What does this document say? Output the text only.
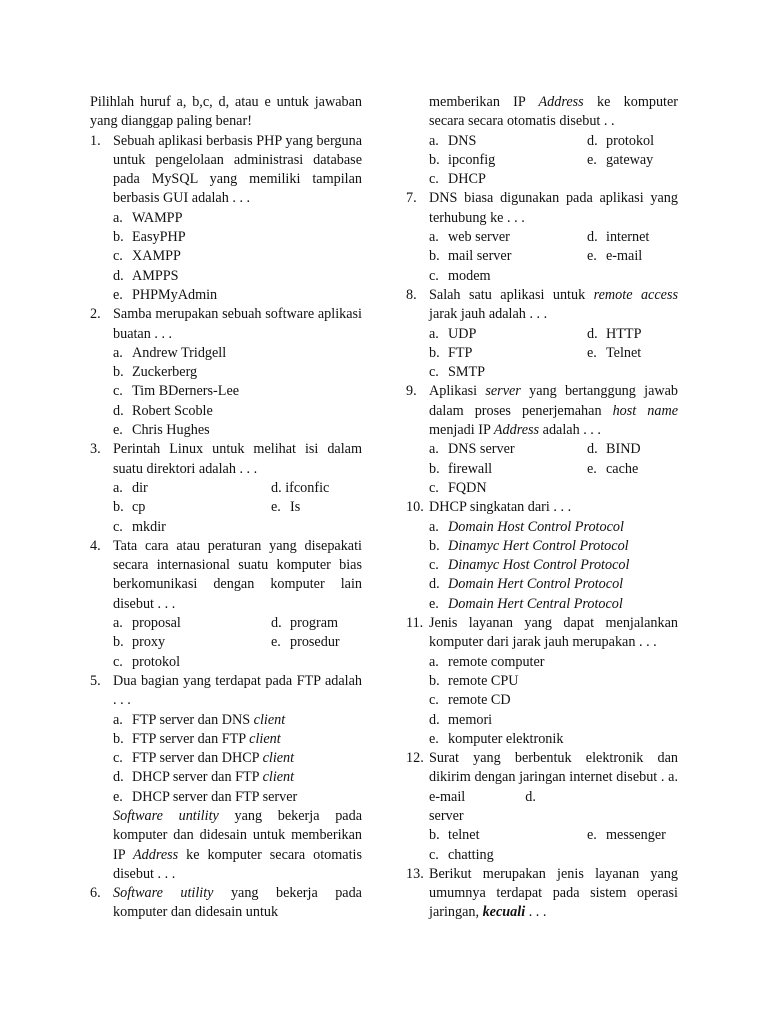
Pilihlah huruf a, b,c, d, atau e untuk jawaban yang dianggap paling benar!
1. Sebuah aplikasi berbasis PHP yang berguna untuk pengelolaan administrasi database pada MySQL yang memiliki tampilan berbasis GUI adalah . . .
a. WAMPP
b. EasyPHP
c. XAMPP
d. AMPPS
e. PHPMyAdmin
2. Samba merupakan sebuah software aplikasi buatan . . .
a. Andrew Tridgell
b. Zuckerberg
c. Tim BDerners-Lee
d. Robert Scoble
e. Chris Hughes
3. Perintah Linux untuk melihat isi dalam suatu direktori adalah . . .
a. dir	d. ifconfic
b. cp	e. Is
c. mkdir
4. Tata cara atau peraturan yang disepakati secara internasional suatu komputer bias berkomunikasi dengan komputer lain disebut . . .
a. proposal	d. program
b. proxy	e. prosedur
c. protokol
5. Dua bagian yang terdapat pada FTP adalah . . .
a. FTP server dan DNS client
b. FTP server dan FTP client
c. FTP server dan DHCP client
d. DHCP server dan FTP client
e. DHCP server dan FTP server
Software untility yang bekerja pada komputer dan didesain untuk memberikan IP Address ke komputer secara otomatis disebut . . .
6. Software utility yang bekerja pada komputer dan didesain untuk
memberikan IP Address ke komputer secara secara otomatis disebut . .
a. DNS	d. protokol
b. ipconfig	e. gateway
c. DHCP
7. DNS biasa digunakan pada aplikasi yang terhubung ke . . .
a. web server	d. internet
b. mail server	e. e-mail
c. modem
8. Salah satu aplikasi untuk remote access jarak jauh adalah . . .
a. UDP	d. HTTP
b. FTP	e. Telnet
c. SMTP
9. Aplikasi server yang bertanggung jawab dalam proses penerjemahan host name menjadi IP Address adalah . . .
a. DNS server	d. BIND
b. firewall	e. cache
c. FQDN
10. DHCP singkatan dari . . .
a. Domain Host Control Protocol
b. Dinamyc Hert Control Protocol
c. Dinamyc Host Control Protocol
d. Domain Hert Control Protocol
e. Domain Hert Central Protocol
11. Jenis layanan yang dapat menjalankan komputer dari jarak jauh merupakan . . .
a. remote computer
b. remote CPU
c. remote CD
d. memori
e. komputer elektronik
12. Surat yang berbentuk elektronik dan dikirim dengan jaringan internet disebut . a. e-mail	d.
server
b. telnet	e. messenger
c. chatting
13. Berikut merupakan jenis layanan yang umumnya terdapat pada sistem operasi jaringan, kecuali . . .
